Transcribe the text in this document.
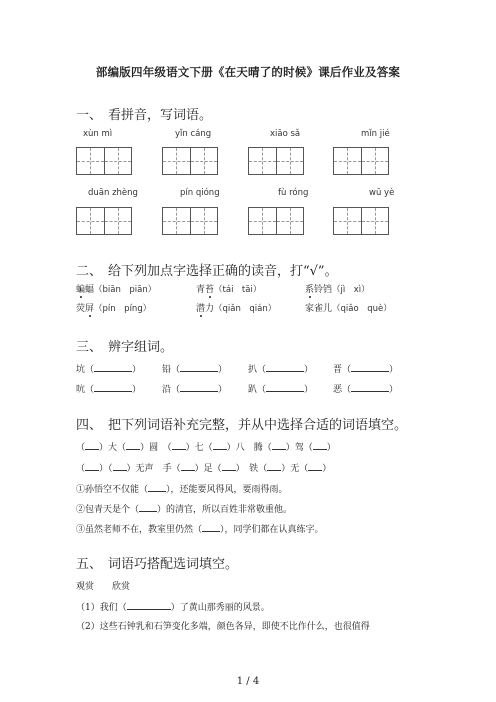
部编版四年级语文下册《在天晴了的时候》课后作业及答案
一、 看拼音，写词语。
xùn mì	yǐn cáng	xiāo sǎ	mǐn jié
duān zhèng	pín qióng	fù róng	wū yè
二、 给下列加点字选择正确的读音，打“√”。
蝙蝠（biān　piān）	青苔（tái　tāi）	系铃铛（jì　xì）
荧屏（pín　píng）	潜力（qiǎn　qián）	家雀儿（qiǎo　què）
三、 辨字组词。
坑（	） 铅（	） 扒（	） 晋（	）
吭（	） 沿（	） 趴（	） 恶（	）
四、 把下列词语补充完整，并从中选择合适的词语填空。
（ ）大（ ）圆　（ ）七（ ）八　 腾（ ）驾（ ）
（ ）（ ）无声　 手（ ）足（ ）　铁（ ）无（ ）
①孙悟空不仅能（ ），还能要风得风，要雨得雨。
②包青天是个（ ）的清官，所以百姓非常敬重他。
③虽然老师不在，教室里仍然（ ），同学们都在认真练字。
五、 词语巧搭配选词填空。
观赏　　 欣赏
（1）我们（	）了黄山那秀丽的风景。
（2）这些石钟乳和石笋变化多端，颜色各异，即使不比作什么，也很值得
1 / 4
